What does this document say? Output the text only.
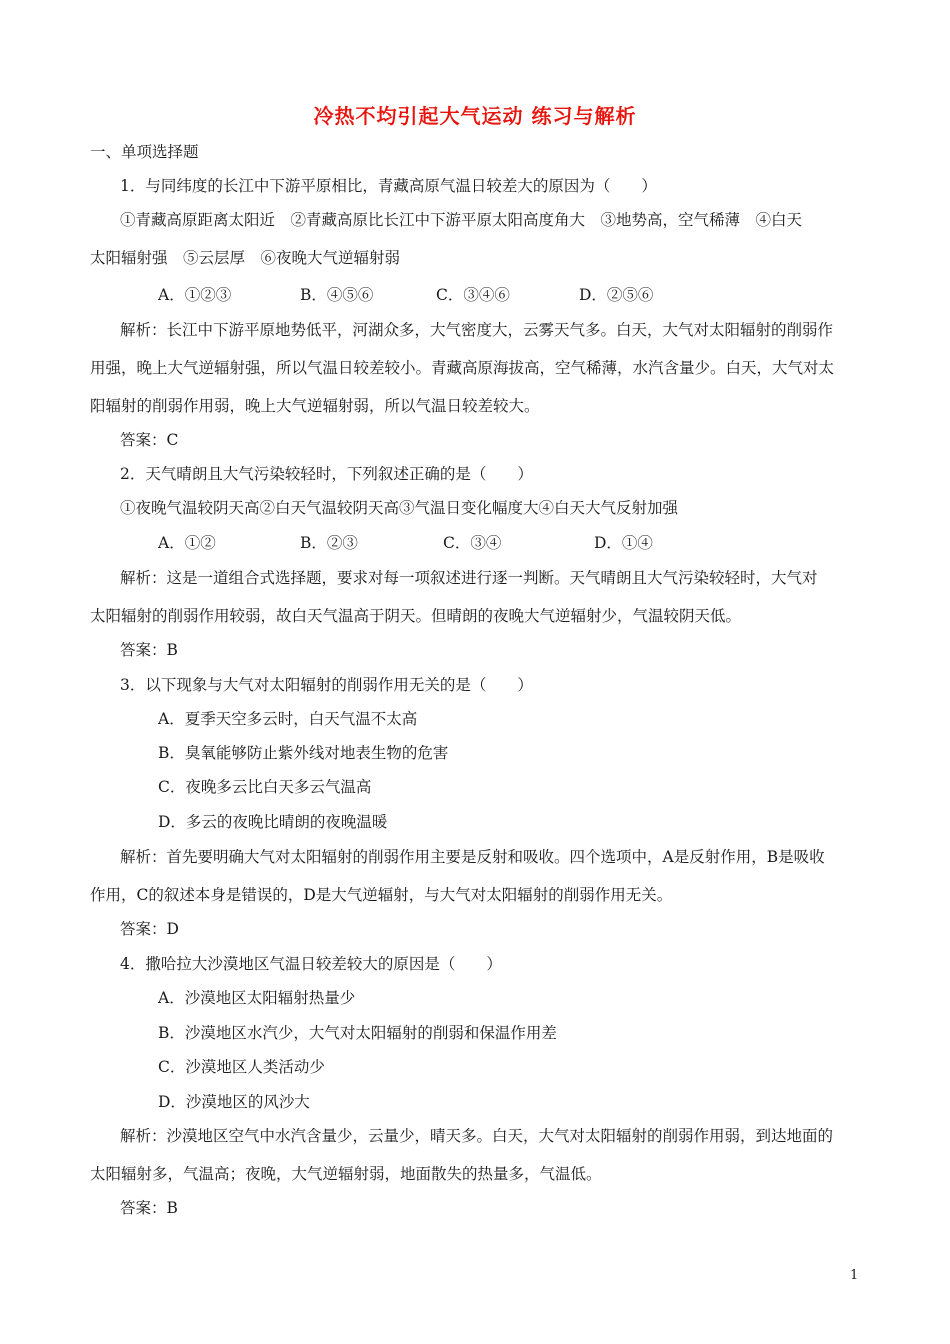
冷热不均引起大气运动 练习与解析
一、单项选择题
1．与同纬度的长江中下游平原相比，青藏高原气温日较差大的原因为（　　）
①青藏高原距离太阳近　②青藏高原比长江中下游平原太阳高度角大　③地势高，空气稀薄　④白天
太阳辐射强　⑤云层厚　⑥夜晚大气逆辐射弱
A．①②③	B．④⑤⑥	C．③④⑥	D．②⑤⑥
解析：长江中下游平原地势低平，河湖众多，大气密度大，云雾天气多。白天，大气对太阳辐射的削弱作
用强，晚上大气逆辐射强，所以气温日较差较小。青藏高原海拔高，空气稀薄，水汽含量少。白天，大气对太
阳辐射的削弱作用弱，晚上大气逆辐射弱，所以气温日较差较大。
答案：C
2．天气晴朗且大气污染较轻时，下列叙述正确的是（　　）
①夜晚气温较阴天高②白天气温较阴天高③气温日变化幅度大④白天大气反射加强
A．①②	B．②③	C．③④	D．①④
解析：这是一道组合式选择题，要求对每一项叙述进行逐一判断。天气晴朗且大气污染较轻时，大气对
太阳辐射的削弱作用较弱，故白天气温高于阴天。但晴朗的夜晚大气逆辐射少，气温较阴天低。
答案：B
3．以下现象与大气对太阳辐射的削弱作用无关的是（　　）
A．夏季天空多云时，白天气温不太高
B．臭氧能够防止紫外线对地表生物的危害
C．夜晚多云比白天多云气温高
D．多云的夜晚比晴朗的夜晚温暖
解析：首先要明确大气对太阳辐射的削弱作用主要是反射和吸收。四个选项中，A是反射作用，B是吸收
作用，C的叙述本身是错误的，D是大气逆辐射，与大气对太阳辐射的削弱作用无关。
答案：D
4．撒哈拉大沙漠地区气温日较差较大的原因是（　　）
A．沙漠地区太阳辐射热量少
B．沙漠地区水汽少，大气对太阳辐射的削弱和保温作用差
C．沙漠地区人类活动少
D．沙漠地区的风沙大
解析：沙漠地区空气中水汽含量少，云量少，晴天多。白天，大气对太阳辐射的削弱作用弱，到达地面的
太阳辐射多，气温高；夜晚，大气逆辐射弱，地面散失的热量多，气温低。
答案：B
1
